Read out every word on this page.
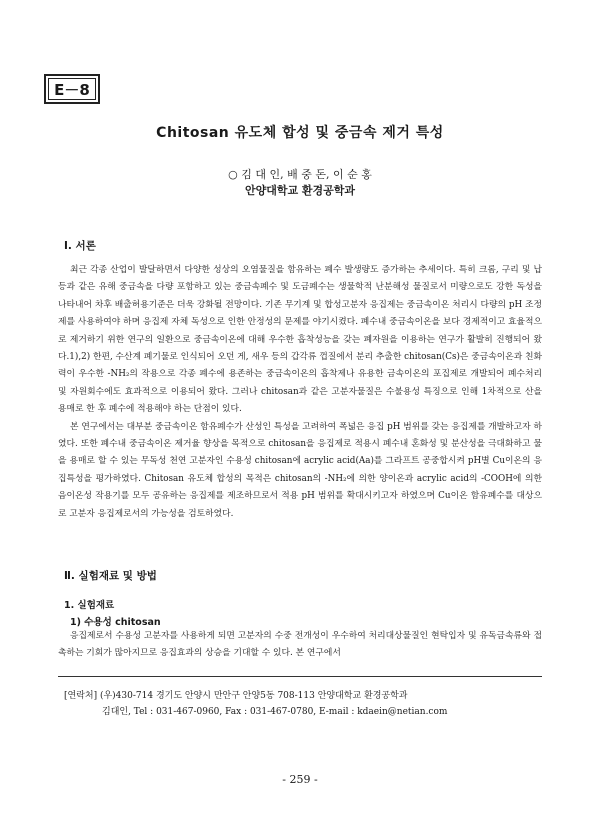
E－8
Chitosan 유도체 합성 및 중금속 제거 특성
○ 김 대 인, 배 중 돈, 이 순 홍
안양대학교 환경공학과
Ⅰ. 서론

최근 각종 산업이 발달하면서 다양한 성상의 오염물질을 함유하는 폐수 발생량도 증가하는 추세이다. 특히 크롬, 구리 및 납 등과 같은 유해 중금속을 다량 포함하고 있는 중금속폐수 및 도금폐수는 생물학적 난분해성 물질로서 미량으로도 강한 독성을 나타내어 차후 배출허용기준은 더욱 강화될 전망이다. 기존 무기계 및 합성고분자 응집제는 중금속이온 처리시 다량의 pH 조정제를 사용하여야 하며 응집제 자체 독성으로 인한 안정성의 문제를 야기시켰다. 폐수내 중금속이온을 보다 경제적이고 효율적으로 제거하기 위한 연구의 일환으로 중금속이온에 대해 우수한 흡착성능을 갖는 폐자원을 이용하는 연구가 활발히 진행되어 왔다.1),2) 한편, 수산계 폐기물로 인식되어 오던 게, 새우 등의 갑각류 껍질에서 분리 추출한 chitosan(Cs)은 중금속이온과 친화력이 우수한 -NH₂의 작용으로 각종 폐수에 용존하는 중금속이온의 흡착제나 유용한 금속이온의 포집제로 개발되어 폐수처리 및 자원회수에도 효과적으로 이용되어 왔다. 그러나 chitosan과 같은 고분자물질은 수불용성 특징으로 인해 1차적으로 산을 용매로 한 후 폐수에 적용해야 하는 단점이 있다.

본 연구에서는 대부분 중금속이온 함유폐수가 산성인 특성을 고려하여 폭넓은 응집 pH 범위를 갖는 응집제를 개발하고자 하였다. 또한 폐수내 중금속이온 제거율 향상을 목적으로 chitosan을 응집제로 적용시 폐수내 혼화성 및 분산성을 극대화하고 물을 용매로 할 수 있는 무독성 천연 고분자인 수용성 chitosan에 acrylic acid(Aa)를 그라프트 공중합시켜 pH별 Cu이온의 응집특성을 평가하였다. Chitosan 유도체 합성의 목적은 chitosan의 -NH₂에 의한 양이온과 acrylic acid의 -COOH에 의한 음이온성 작용기를 모두 공유하는 응집제를 제조하므로서 적용 pH 범위를 확대시키고자 하였으며 Cu이온 함유폐수를 대상으로 고분자 응집제로서의 가능성을 검토하였다.

Ⅱ. 실험재료 및 방법
1. 실험재료
1) 수용성 chitosan

응집제로서 수용성 고분자를 사용하게 되면 고분자의 수중 전개성이 우수하여 처리대상물질인 현탁입자 및 유독금속류와 접촉하는 기회가 많아지므로 응집효과의 상승을 기대할 수 있다. 본 연구에서

[연락처] (우)430-714 경기도 안양시 만안구 안양5동 708-113 안양대학교 환경공학과
김대인, Tel : 031-467-0960, Fax : 031-467-0780, E-mail : kdaein@netian.com
- 259 -
